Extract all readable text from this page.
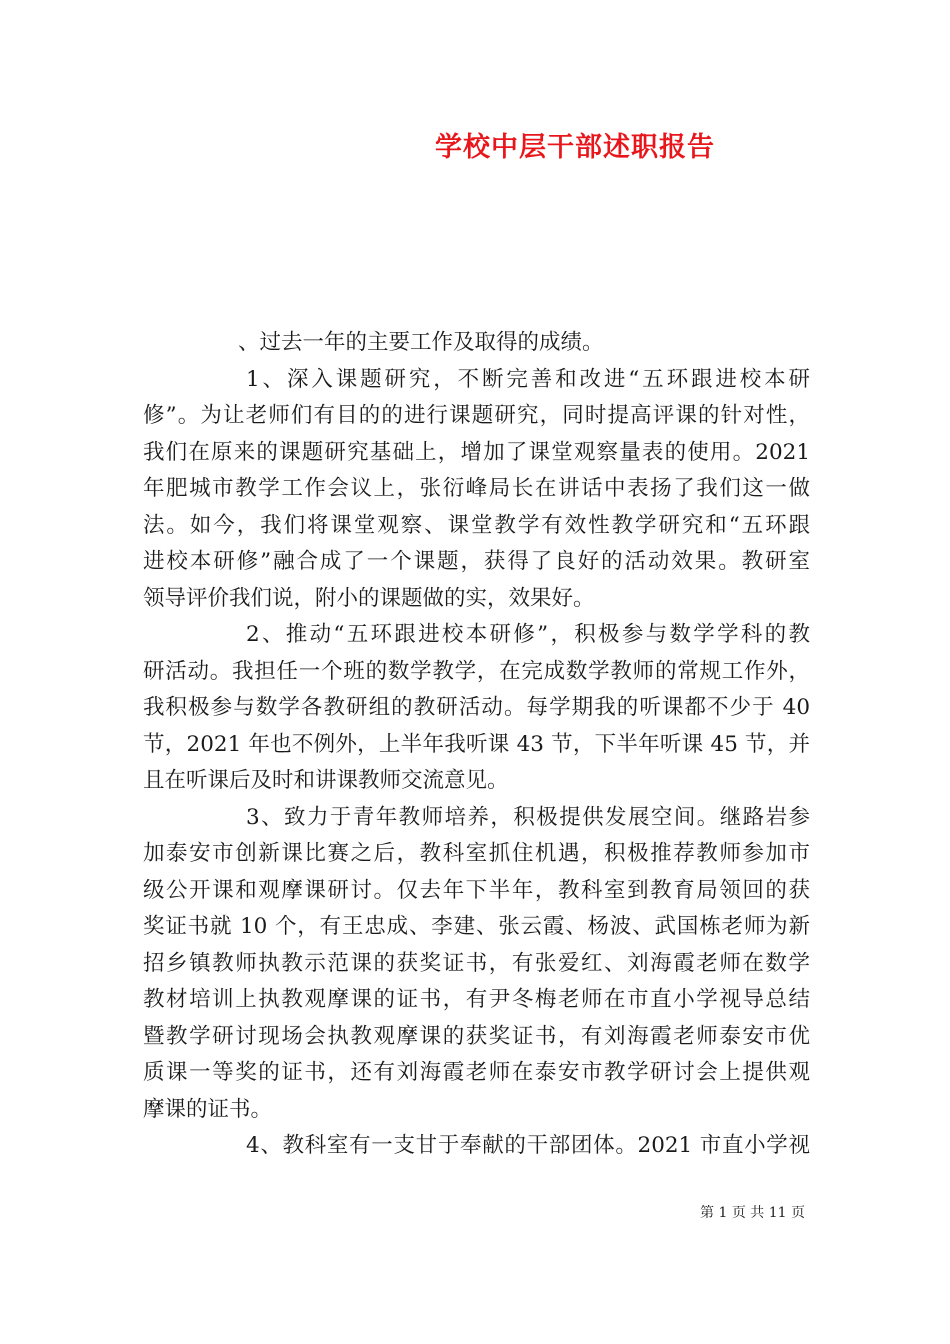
学校中层干部述职报告
、过去一年的主要工作及取得的成绩。
1、深入课题研究，不断完善和改进“五环跟进校本研
修”。为让老师们有目的的进行课题研究，同时提高评课的针对性，
我们在原来的课题研究基础上，增加了课堂观察量表的使用。2021
年肥城市教学工作会议上，张衍峰局长在讲话中表扬了我们这一做
法。如今，我们将课堂观察、课堂教学有效性教学研究和“五环跟
进校本研修”融合成了一个课题，获得了良好的活动效果。教研室
领导评价我们说，附小的课题做的实，效果好。
2、推动“五环跟进校本研修”，积极参与数学学科的教
研活动。我担任一个班的数学教学，在完成数学教师的常规工作外，
我积极参与数学各教研组的教研活动。每学期我的听课都不少于 40
节，2021 年也不例外，上半年我听课 43 节，下半年听课 45 节，并
且在听课后及时和讲课教师交流意见。
3、致力于青年教师培养，积极提供发展空间。继路岩参
加泰安市创新课比赛之后，教科室抓住机遇，积极推荐教师参加市
级公开课和观摩课研讨。仅去年下半年，教科室到教育局领回的获
奖证书就 10 个，有王忠成、李建、张云霞、杨波、武国栋老师为新
招乡镇教师执教示范课的获奖证书，有张爱红、刘海霞老师在数学
教材培训上执教观摩课的证书，有尹冬梅老师在市直小学视导总结
暨教学研讨现场会执教观摩课的获奖证书，有刘海霞老师泰安市优
质课一等奖的证书，还有刘海霞老师在泰安市教学研讨会上提供观
摩课的证书。
4、教科室有一支甘于奉献的干部团体。2021 市直小学视
第 1 页 共 11 页
